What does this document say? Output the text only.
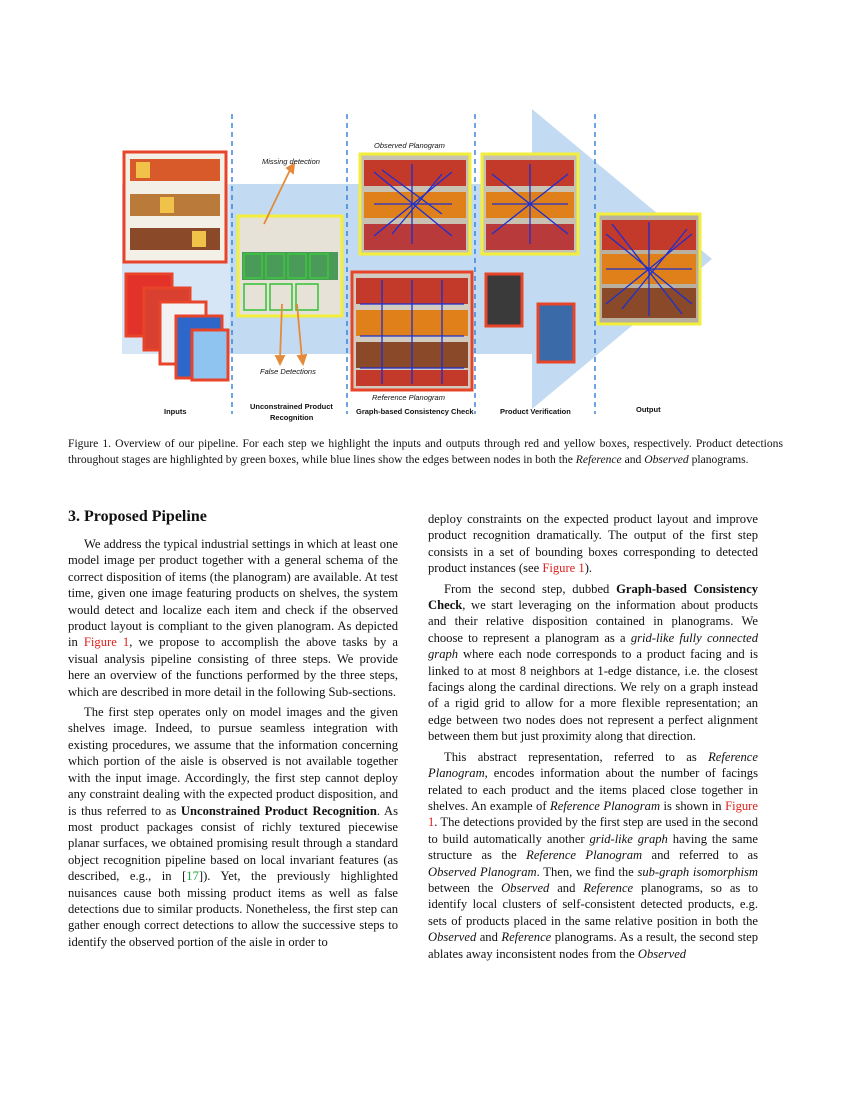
Missing detection
False Detections
Observed Planogram
Reference Planogram
Inputs
Unconstrained Product
Recognition
Graph-based Consistency Check	Product Verification	Output
Figure 1. Overview of our pipeline. For each step we highlight the inputs and outputs through red and yellow boxes, respectively. Product detections throughout stages are highlighted by green boxes, while blue lines show the edges between nodes in both the Reference and Observed planograms.
3. Proposed Pipeline

We address the typical industrial settings in which at least one model image per product together with a general schema of the correct disposition of items (the planogram) are available. At test time, given one image featuring products on shelves, the system would detect and localize each item and check if the observed product layout is compliant to the given planogram. As depicted in Figure 1, we propose to accomplish the above tasks by a visual analysis pipeline consisting of three steps. We provide here an overview of the functions performed by the three steps, which are described in more detail in the following Sub-sections.

The first step operates only on model images and the given shelves image. Indeed, to pursue seamless integration with existing procedures, we assume that the information concerning which portion of the aisle is observed is not available together with the input image. Accordingly, the first step cannot deploy any constraint dealing with the expected product disposition, and is thus referred to as Unconstrained Product Recognition. As most product packages consist of richly textured piecewise planar surfaces, we obtained promising result through a standard object recognition pipeline based on local invariant features (as described, e.g., in [17]). Yet, the previously highlighted nuisances cause both missing product items as well as false detections due to similar products. Nonetheless, the first step can gather enough correct detections to allow the successive steps to identify the observed portion of the aisle in order to

deploy constraints on the expected product layout and improve product recognition dramatically. The output of the first step consists in a set of bounding boxes corresponding to detected product instances (see Figure 1).

From the second step, dubbed Graph-based Consistency Check, we start leveraging on the information about products and their relative disposition contained in planograms. We choose to represent a planogram as a grid-like fully connected graph where each node corresponds to a product facing and is linked to at most 8 neighbors at 1-edge distance, i.e. the closest facings along the cardinal directions. We rely on a graph instead of a rigid grid to allow for a more flexible representation; an edge between two nodes does not represent a perfect alignment between them but just proximity along that direction.

This abstract representation, referred to as Reference Planogram, encodes information about the number of facings related to each product and the items placed close together in shelves. An example of Reference Planogram is shown in Figure 1. The detections provided by the first step are used in the second to build automatically another grid-like graph having the same structure as the Reference Planogram and referred to as Observed Planogram. Then, we find the sub-graph isomorphism between the Observed and Reference planograms, so as to identify local clusters of self-consistent detected products, e.g. sets of products placed in the same relative position in both the Observed and Reference planograms. As a result, the second step ablates away inconsistent nodes from the Observed
